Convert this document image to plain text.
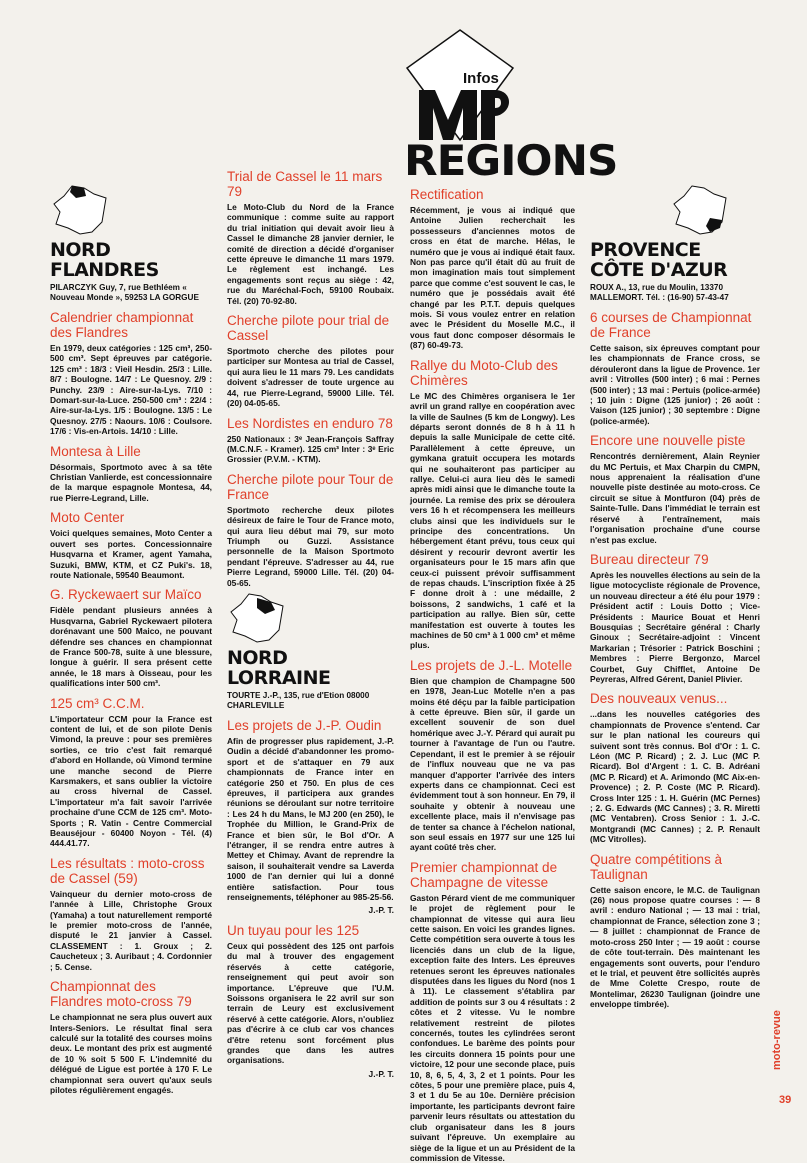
Infos
REGIONS
NORD FLANDRES
PILARCZYK Guy, 7, rue Bethléem « Nouveau Monde », 59253 LA GORGUE
Calendrier championnat des Flandres

En 1979, deux catégories : 125 cm³, 250-500 cm³. Sept épreuves par catégorie. 125 cm³ : 18/3 : Vieil Hesdin. 25/3 : Lille. 8/7 : Boulogne. 14/7 : Le Quesnoy. 2/9 : Punchy. 23/9 : Aire-sur-la-Lys. 7/10 : Domart-sur-la-Luce. 250-500 cm³ : 22/4 : Aire-sur-la-Lys. 1/5 : Boulogne. 13/5 : Le Quesnoy. 27/5 : Naours. 10/6 : Coulsore. 17/6 : Vis-en-Artois. 14/10 : Lille.

Montesa à Lille

Désormais, Sportmoto avec à sa tête Christian Vanlierde, est concessionnaire de la marque espagnole Montesa, 44, rue Pierre-Legrand, Lille.

Moto Center

Voici quelques semaines, Moto Center a ouvert ses portes. Concessionnaire Husqvarna et Kramer, agent Yamaha, Suzuki, BMW, KTM, et CZ Puki's. 18, route Nationale, 59540 Beaumont.

G. Ryckewaert sur Maïco

Fidèle pendant plusieurs années à Husqvarna, Gabriel Ryckewaert pilotera dorénavant une 500 Maico, ne pouvant défendre ses chances en championnat de France 500-78, suite à une blessure, longue à guérir. Il sera présent cette année, le 18 mars à Oisseau, pour les qualifications inter 500 cm³.

125 cm³ C.C.M.

L'importateur CCM pour la France est content de lui, et de son pilote Denis Vimond, la preuve : pour ses premières sorties, ce trio c'est fait remarqué d'abord en Hollande, où Vimond termine une manche second de Pierre Karsmakers, et sans oublier la victoire au cross hivernal de Cassel. L'importateur m'a fait savoir l'arrivée prochaine d'une CCM de 125 cm³. Moto-Sports ; R. Vatin - Centre Commercial Beauséjour - 60400 Noyon - Tél. (4) 444.41.77.

Les résultats : moto-cross de Cassel (59)

Vainqueur du dernier moto-cross de l'année à Lille, Christophe Groux (Yamaha) a tout naturellement remporté le premier moto-cross de l'année, disputé le 21 janvier à Cassel. CLASSEMENT : 1. Groux ; 2. Caucheteux ; 3. Auribaut ; 4. Cordonnier ; 5. Cense.

Championnat des Flandres moto-cross 79

Le championnat ne sera plus ouvert aux Inters-Seniors. Le résultat final sera calculé sur la totalité des courses moins deux. Le montant des prix est augmenté de 10 % soit 5 500 F. L'indemnité du délégué de Ligue est portée à 170 F. Le championnat sera ouvert qu'aux seuls pilotes régulièrement engagés.

Trial de Cassel le 11 mars 79

Le Moto-Club du Nord de la France communique : comme suite au rapport du trial initiation qui devait avoir lieu à Cassel le dimanche 28 janvier dernier, le comité de direction a décidé d'organiser cette épreuve le dimanche 11 mars 1979. Le règlement est inchangé. Les engagements sont reçus au siège : 42, rue du Maréchal-Foch, 59100 Roubaix. Tél. (20) 70-92-80.

Cherche pilote pour trial de Cassel

Sportmoto cherche des pilotes pour participer sur Montesa au trial de Cassel, qui aura lieu le 11 mars 79. Les candidats doivent s'adresser de toute urgence au 44, rue Pierre-Legrand, 59000 Lille. Tél. (20) 04-05-65.

Les Nordistes en enduro 78

250 Nationaux : 3ᵉ Jean-François Saffray (M.C.N.F. - Kramer). 125 cm³ Inter : 3ᵉ Eric Grossier (P.V.M. - KTM).

Cherche pilote pour Tour de France

Sportmoto recherche deux pilotes désireux de faire le Tour de France moto, qui aura lieu début mai 79, sur moto Triumph ou Guzzi. Assistance personnelle de la Maison Sportmoto pendant l'épreuve. S'adresser au 44, rue Pierre Legrand, 59000 Lille. Tél. (20) 04-05-65.

NORD LORRAINE
TOURTE J.-P., 135, rue d'Etion 08000 CHARLEVILLE
Les projets de J.-P. Oudin

Afin de progresser plus rapidement, J.-P. Oudin a décidé d'abandonner les promo-sport et de s'attaquer en 79 aux championnats de France inter en catégorie 250 et 750. En plus de ces épreuves, il participera aux grandes réunions se déroulant sur notre territoire : Les 24 h du Mans, le MJ 200 (en 250), le Trophée du Million, le Grand-Prix de France et bien sûr, le Bol d'Or. A l'étranger, il se rendra entre autres à Mettey et Chimay. Avant de reprendre la saison, il souhaiterait vendre sa Laverda 1000 de l'an dernier qui lui a donné entière satisfaction. Pour tous renseignements, téléphoner au 985-25-56.

J.-P. T.
Un tuyau pour les 125

Ceux qui possèdent des 125 ont parfois du mal à trouver des engagement réservés à cette catégorie, renseignement qui peut avoir son importance. L'épreuve que l'U.M. Soissons organisera le 22 avril sur son terrain de Leury est exclusivement réservé à cette catégorie. Alors, n'oubliez pas d'écrire à ce club car vos chances d'être retenu sont forcément plus grandes que dans les autres organisations.

J.-P. T.
Rectification

Récemment, je vous ai indiqué que Antoine Julien recherchait les possesseurs d'anciennes motos de cross en état de marche. Hélas, le numéro que je vous ai indiqué était faux. Non pas parce qu'il était dû au fruit de mon imagination mais tout simplement parce que comme c'est souvent le cas, le numéro que je possédais avait été changé par les P.T.T. depuis quelques mois. Si vous voulez entrer en relation avec le Président du Moselle M.C., il vous faut donc composer désormais le (87) 60-49-73.

Rallye du Moto-Club des Chimères

Le MC des Chimères organisera le 1er avril un grand rallye en coopération avec la ville de Saulnes (5 km de Longwy). Les départs seront donnés de 8 h à 11 h depuis la salle Municipale de cette cité. Parallèlement à cette épreuve, un gymkana gratuit occupera les motards qui ne souhaiteront pas participer au rallye. Celui-ci aura lieu dès le samedi après midi ainsi que le dimanche toute la journée. La remise des prix se déroulera vers 16 h et récompensera les meilleurs clubs ainsi que les individuels sur le principe des concentrations. Un hébergement étant prévu, tous ceux qui désirent y recourir devront avertir les organisateurs pour le 15 mars afin que ceux-ci puissent prévoir suffisamment de repas chauds. L'inscription fixée à 25 F donne droit à : une médaille, 2 boissons, 2 sandwichs, 1 café et la participation au rallye. Bien sûr, cette manifestation est ouverte à toutes les machines de 50 cm³ à 1 000 cm³ et même plus.

Les projets de J.-L. Motelle

Bien que champion de Champagne 500 en 1978, Jean-Luc Motelle n'en a pas moins été déçu par la faible participation à cette épreuve. Bien sûr, il garde un excellent souvenir de son duel homérique avec J.-Y. Pérard qui aurait pu tourner à l'avantage de l'un ou l'autre. Cependant, il est le premier à se réjouir de l'influx nouveau que ne va pas manquer d'apporter l'arrivée des inters experts dans ce championnat. Ceci est évidemment tout à son honneur. En 79, il souhaite y obtenir à nouveau une excellente place, mais il n'envisage pas de tenter sa chance à l'échelon national, son seul essais en 1977 sur une 125 lui ayant coûté très cher.

Premier championnat de Champagne de vitesse

Gaston Pérard vient de me communiquer le projet de règlement pour le championnat de vitesse qui aura lieu cette saison. En voici les grandes lignes. Cette compétition sera ouverte à tous les licenciés dans un club de la ligue, exception faite des Inters. Les épreuves retenues seront les épreuves nationales disputées dans les ligues du Nord (nos 1 à 11). Le classement s'établira par addition de points sur 3 ou 4 résultats : 2 côtes et 2 vitesse. Vu le nombre relativement restreint de pilotes concernés, toutes les cylindrées seront confondues. Le barème des points pour les circuits donnera 15 points pour une victoire, 12 pour une seconde place, puis 10, 8, 6, 5, 4, 3, 2 et 1 points. Pour les côtes, 5 pour une première place, puis 4, 3 et 1 du 5e au 10e. Dernière précision importante, les participants devront faire parvenir leurs résultats ou attestation du club organisateur dans les 8 jours suivant l'épreuve. Un exemplaire au siège de la ligue et un au Président de la commission de Vitesse.

PROVENCE CÔTE D'AZUR
ROUX A., 13, rue du Moulin, 13370 MALLEMORT. Tél. : (16-90) 57-43-47
6 courses de Championnat de France

Cette saison, six épreuves comptant pour les championnats de France cross, se dérouleront dans la ligue de Provence. 1er avril : Vitrolles (500 inter) ; 6 mai : Pernes (500 inter) ; 13 mai : Pertuis (police-armée) ; 10 juin : Digne (125 junior) ; 26 août : Vaison (125 junior) ; 30 septembre : Digne (police-armée).

Encore une nouvelle piste

Rencontrés dernièrement, Alain Reynier du MC Pertuis, et Max Charpin du CMPN, nous apprenaient la réalisation d'une nouvelle piste destinée au moto-cross. Ce circuit se situe à Montfuron (04) près de Sainte-Tulle. Dans l'immédiat le terrain est réservé à l'entraînement, mais l'organisation prochaine d'une course n'est pas exclue.

Bureau directeur 79

Après les nouvelles élections au sein de la ligue motocycliste régionale de Provence, un nouveau directeur a été élu pour 1979 : Président actif : Louis Dotto ; Vice-Présidents : Maurice Bouat et Henri Bousquias ; Secrétaire général : Charly Ginoux ; Secrétaire-adjoint : Vincent Markarian ; Trésorier : Patrick Boschini ; Membres : Pierre Bergonzo, Marcel Courbet, Guy Chifflet, Antoine De Peyreras, Alfred Gérent, Daniel Plivier.

Des nouveaux venus...

...dans les nouvelles catégories des championnats de Provence s'entend. Car sur le plan national les coureurs qui suivent sont très connus. Bol d'Or : 1. C. Léon (MC P. Ricard) ; 2. J. Luc (MC P. Ricard). Bol d'Argent : 1. C. B. Adréani (MC P. Ricard) et A. Arimondo (MC Aix-en-Provence) ; 2. P. Coste (MC P. Ricard). Cross Inter 125 : 1. H. Guérin (MC Pernes) ; 2. G. Edwards (MC Cannes) ; 3. R. Miretti (MC Ventabren). Cross Senior : 1. J.-C. Montgrandi (MC Cannes) ; 2. P. Renault (MC Vitrolles).

Quatre compétitions à Taulignan

Cette saison encore, le M.C. de Taulignan (26) nous propose quatre courses : — 8 avril : enduro National ; — 13 mai : trial, championnat de France, sélection zone 3 ; — 8 juillet : championnat de France de moto-cross 250 Inter ; — 19 août : course de côte tout-terrain. Dès maintenant les engagements sont ouverts, pour l'enduro et le trial, et peuvent être sollicités auprès de Mme Colette Crespo, route de Montelimar, 26230 Taulignan (joindre une enveloppe timbrée).

moto-revue
39
